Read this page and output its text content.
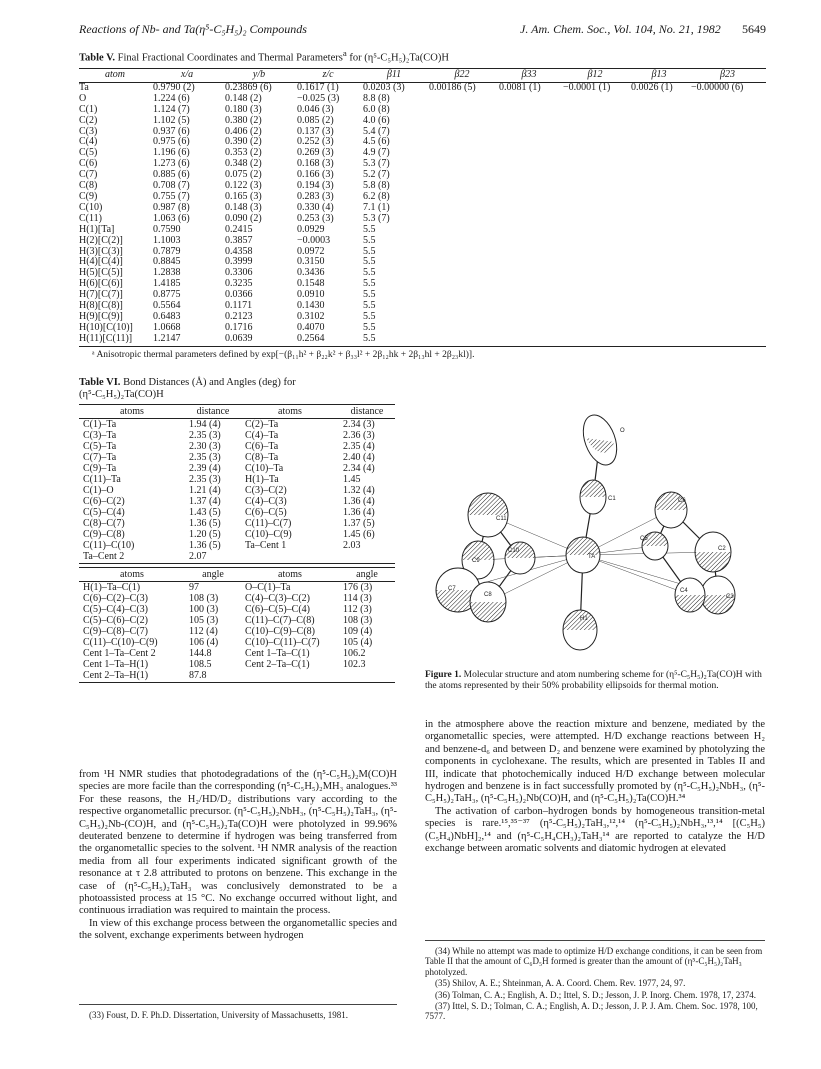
Reactions of Nb- and Ta(η⁵-C₅H₅)₂ Compounds	J. Am. Chem. Soc., Vol. 104, No. 21, 1982 5649
Table V. Final Fractional Coordinates and Thermal Parameters$^a$ for (η⁵-C₅H₅)₂Ta(CO)H
atom	x/a	y/b	z/c	β11	β22	β33	β12	β13	β23
Ta	0.9790 (2)	0.23869 (6)	0.1617 (1)	0.0203 (3)	0.00186 (5)	0.0081 (1)	−0.0001 (1)	0.0026 (1)	−0.00000 (6)
O	1.224 (6)	0.148 (2)	−0.025 (3)	8.8 (8)					
C(1)	1.124 (7)	0.180 (3)	0.046 (3)	6.0 (8)					
C(2)	1.102 (5)	0.380 (2)	0.085 (2)	4.0 (6)					
C(3)	0.937 (6)	0.406 (2)	0.137 (3)	5.4 (7)					
C(4)	0.975 (6)	0.390 (2)	0.252 (3)	4.5 (6)					
C(5)	1.196 (6)	0.353 (2)	0.269 (3)	4.9 (7)					
C(6)	1.273 (6)	0.348 (2)	0.168 (3)	5.3 (7)					
C(7)	0.885 (6)	0.075 (2)	0.166 (3)	5.2 (7)					
C(8)	0.708 (7)	0.122 (3)	0.194 (3)	5.8 (8)					
C(9)	0.755 (7)	0.165 (3)	0.283 (3)	6.2 (8)					
C(10)	0.987 (8)	0.148 (3)	0.330 (4)	7.1 (1)					
C(11)	1.063 (6)	0.090 (2)	0.253 (3)	5.3 (7)					
H(1)[Ta]	0.7590	0.2415	0.0929	5.5					
H(2)[C(2)]	1.1003	0.3857	−0.0003	5.5					
H(3)[C(3)]	0.7879	0.4358	0.0972	5.5					
H(4)[C(4)]	0.8845	0.3999	0.3150	5.5					
H(5)[C(5)]	1.2838	0.3306	0.3436	5.5					
H(6)[C(6)]	1.4185	0.3235	0.1548	5.5					
H(7)[C(7)]	0.8775	0.0366	0.0910	5.5					
H(8)[C(8)]	0.5564	0.1171	0.1430	5.5					
H(9)[C(9)]	0.6483	0.2123	0.3102	5.5					
H(10)[C(10)]	1.0668	0.1716	0.4070	5.5					
H(11)[C(11)]	1.2147	0.0639	0.2564	5.5					
ᵃ Anisotropic thermal parameters defined by exp[−(β₁₁h² + β₂₂k² + β₃₃l² + 2β₁₂hk + 2β₁₃hl + 2β₂₃kl)].
Table VI. Bond Distances (Å) and Angles (deg) for
(η⁵-C₅H₅)₂Ta(CO)H
atoms	distance	atoms	distance
C(1)–Ta	1.94 (4)	C(2)–Ta	2.34 (3)
C(3)–Ta	2.35 (3)	C(4)–Ta	2.36 (3)
C(5)–Ta	2.30 (3)	C(6)–Ta	2.35 (4)
C(7)–Ta	2.35 (3)	C(8)–Ta	2.40 (4)
C(9)–Ta	2.39 (4)	C(10)–Ta	2.34 (4)
C(11)–Ta	2.35 (3)	H(1)–Ta	1.45
C(1)–O	1.21 (4)	C(3)–C(2)	1.32 (4)
C(6)–C(2)	1.37 (4)	C(4)–C(3)	1.36 (4)
C(5)–C(4)	1.43 (5)	C(6)–C(5)	1.36 (4)
C(8)–C(7)	1.36 (5)	C(11)–C(7)	1.37 (5)
C(9)–C(8)	1.20 (5)	C(10)–C(9)	1.45 (6)
C(11)–C(10)	1.36 (5)	Ta–Cent 1	2.03
Ta–Cent 2	2.07		
atoms	angle	atoms	angle
H(1)–Ta–C(1)	97	O–C(1)–Ta	176 (3)
C(6)–C(2)–C(3)	108 (3)	C(4)–C(3)–C(2)	114 (3)
C(5)–C(4)–C(3)	100 (3)	C(6)–C(5)–C(4)	112 (3)
C(5)–C(6)–C(2)	105 (3)	C(11)–C(7)–C(8)	108 (3)
C(9)–C(8)–C(7)	112 (4)	C(10)–C(9)–C(8)	109 (4)
C(11)–C(10)–C(9)	106 (4)	C(10)–C(11)–C(7)	105 (4)
Cent 1–Ta–Cent 2	144.8	Cent 1–Ta–C(1)	106.2
Cent 1–Ta–H(1)	108.5	Cent 2–Ta–C(1)	102.3
Cent 2–Ta–H(1)	87.8		

from ¹H NMR studies that photodegradations of the (η⁵-C₅H₅)₂M(CO)H species are more facile than the corresponding (η⁵-C₅H₅)₂MH₃ analogues.³³ For these reasons, the H₂/HD/D₂ distributions vary according to the respective organometallic precursor. (η⁵-C₅H₅)₂NbH₃, (η⁵-C₅H₅)₂TaH₃, (η⁵-C₅H₅)₂Nb-(CO)H, and (η⁵-C₅H₅)₂Ta(CO)H were photolyzed in 99.96% deuterated benzene to determine if hydrogen was being transferred from the organometallic species to the solvent. ¹H NMR analysis of the reaction media from all four experiments indicated significant growth of the resonance at τ 2.8 attributed to protons on benzene. This exchange in the case of (η⁵-C₅H₅)₂TaH₃ was conclusively demonstrated to be a photoassisted process at 15 °C. No exchange occurred without light, and continuous irradiation was required to maintain the process.

In view of this exchange process between the organometallic species and the solvent, exchange experiments between hydrogen

(33) Foust, D. F. Ph.D. Dissertation, University of Massachusetts, 1981.
O
C1	C6
C5
C2
C4
C3
TA
H1
C11
C10
C7
C8
C9
Figure 1. Molecular structure and atom numbering scheme for (η⁵-C₅H₅)₂Ta(CO)H with the atoms represented by their 50% probability ellipsoids for thermal motion.

in the atmosphere above the reaction mixture and benzene, mediated by the organometallic species, were attempted. H/D exchange reactions between H₂ and benzene-d₆ and between D₂ and benzene were examined by photolyzing the components in cyclohexane. The results, which are presented in Tables II and III, indicate that photochemically induced H/D exchange between molecular hydrogen and benzene is in fact successfully promoted by (η⁵-C₅H₅)₂NbH₃, (η⁵-C₅H₅)₂TaH₃, (η⁵-C₅H₅)₂Nb(CO)H, and (η⁵-C₅H₅)₂Ta(CO)H.³⁴

The activation of carbon–hydrogen bonds by homogeneous transition-metal species is rare.¹⁵,³⁵⁻³⁷ (η⁵-C₅H₅)₂TaH₃,¹²,¹⁴ (η⁵-C₅H₅)₂NbH₃,¹³,¹⁴ [(C₅H₅)(C₅H₄)NbH]₂,¹⁴ and (η⁵-C₅H₄CH₃)₂TaH₃¹⁴ are reported to catalyze the H/D exchange between aromatic solvents and diatomic hydrogen at elevated

(34) While no attempt was made to optimize H/D exchange conditions, it can be seen from Table II that the amount of C₆D₅H formed is greater than the amount of (η⁵-C₅H₅)₂TaH₃ photolyzed.

(35) Shilov, A. E.; Shteinman, A. A. Coord. Chem. Rev. 1977, 24, 97.

(36) Tolman, C. A.; English, A. D.; Ittel, S. D.; Jesson, J. P. Inorg. Chem. 1978, 17, 2374.

(37) Ittel, S. D.; Tolman, C. A.; English, A. D.; Jesson, J. P. J. Am. Chem. Soc. 1978, 100, 7577.
